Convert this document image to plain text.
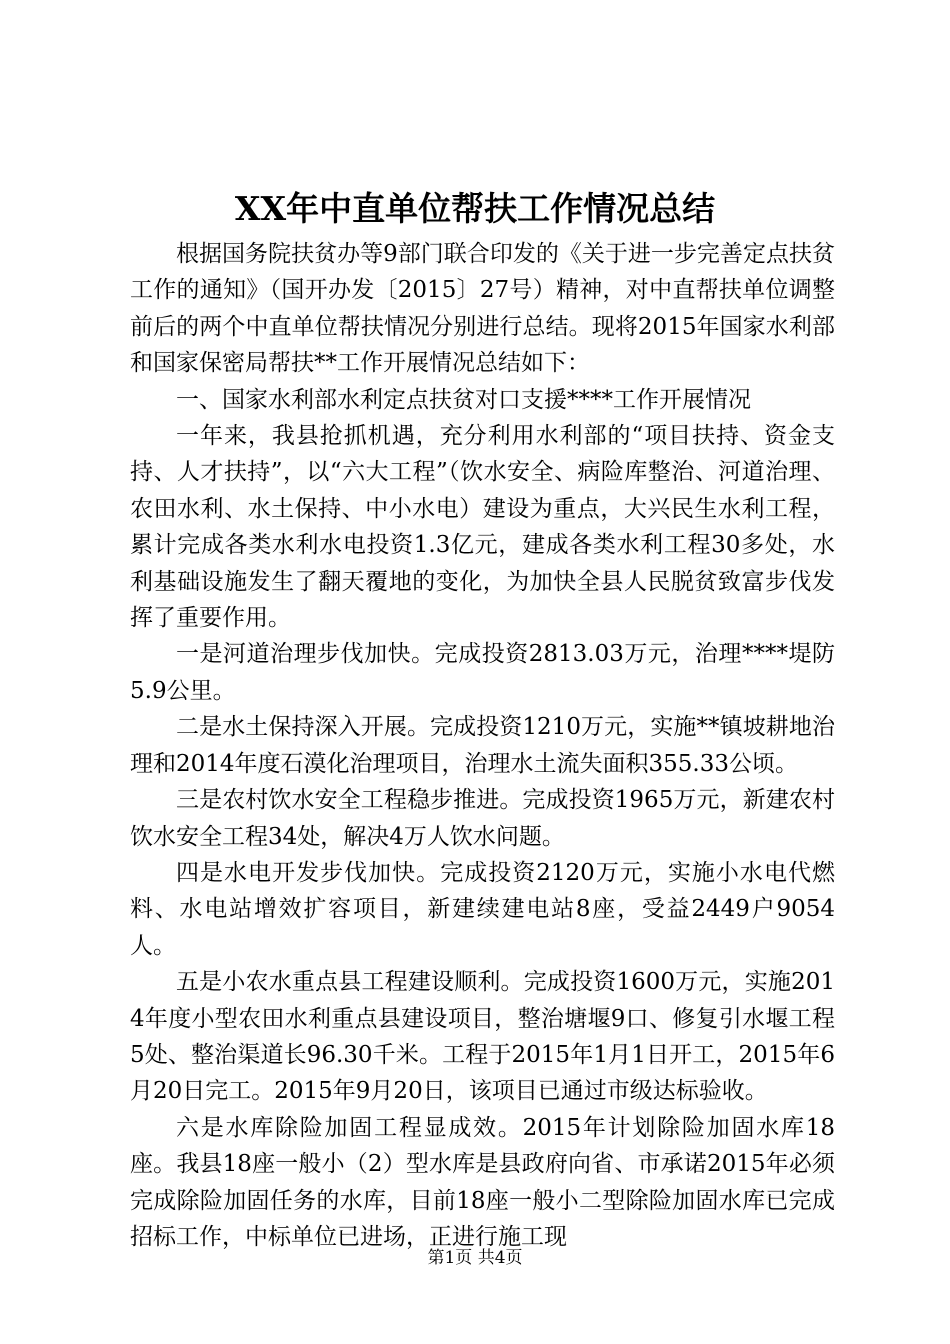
XX年中直单位帮扶工作情况总结

根据国务院扶贫办等9部门联合印发的《关于进一步完善定点扶贫工作的通知》（国开办发〔2015〕27号）精神，对中直帮扶单位调整前后的两个中直单位帮扶情况分别进行总结。现将2015年国家水利部和国家保密局帮扶**工作开展情况总结如下：

一、国家水利部水利定点扶贫对口支援****工作开展情况

一年来，我县抢抓机遇，充分利用水利部的“项目扶持、资金支持、人才扶持”，以“六大工程”（饮水安全、病险库整治、河道治理、农田水利、水土保持、中小水电）建设为重点，大兴民生水利工程，累计完成各类水利水电投资1.3亿元，建成各类水利工程30多处，水利基础设施发生了翻天覆地的变化，为加快全县人民脱贫致富步伐发挥了重要作用。

一是河道治理步伐加快。完成投资2813.03万元，治理****堤防5.9公里。

二是水土保持深入开展。完成投资1210万元，实施**镇坡耕地治理和2014年度石漠化治理项目，治理水土流失面积355.33公顷。

三是农村饮水安全工程稳步推进。完成投资1965万元，新建农村饮水安全工程34处，解决4万人饮水问题。

四是水电开发步伐加快。完成投资2120万元，实施小水电代燃料、水电站增效扩容项目，新建续建电站8座，受益2449户9054人。

五是小农水重点县工程建设顺利。完成投资1600万元，实施2014年度小型农田水利重点县建设项目，整治塘堰9口、修复引水堰工程5处、整治渠道长96.30千米。工程于2015年1月1日开工，2015年6月20日完工。2015年9月20日，该项目已通过市级达标验收。

六是水库除险加固工程显成效。2015年计划除险加固水库18座。我县18座一般小（2）型水库是县政府向省、市承诺2015年必须完成除险加固任务的水库，目前18座一般小二型除险加固水库已完成招标工作，中标单位已进场，正进行施工现

第1页 共4页
